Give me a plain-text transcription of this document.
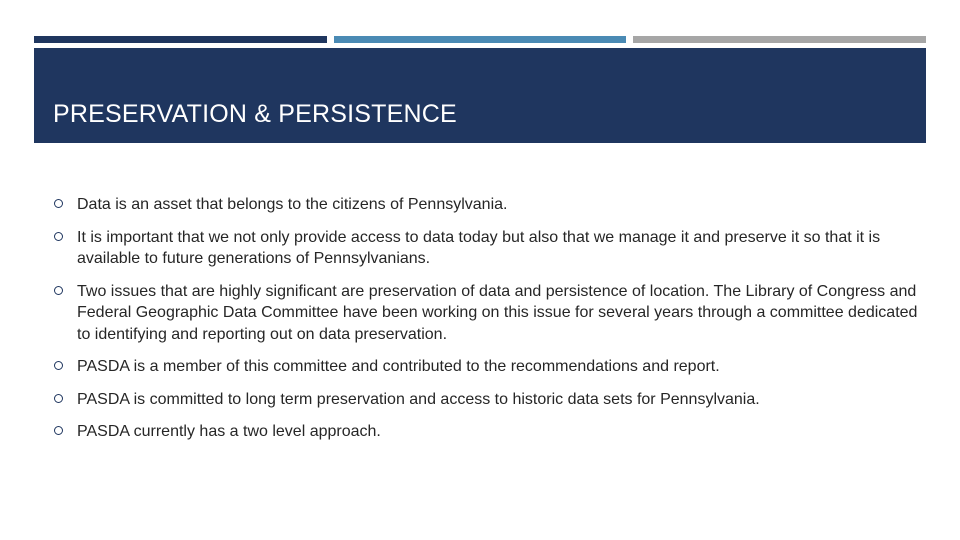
PRESERVATION & PERSISTENCE
Data is an asset that belongs to the citizens of Pennsylvania.
It is important that we not only provide access to data today but also that we manage it and preserve it so that it is available to future generations of Pennsylvanians.
Two issues that are highly significant are preservation of data and persistence of location. The Library of Congress and Federal Geographic Data Committee have been working on this issue for several years through a committee dedicated to identifying and reporting out on data preservation.
PASDA is a member of this committee and contributed to the recommendations and report.
PASDA is committed to long term preservation and access to historic data sets for Pennsylvania.
PASDA currently has a two level approach.
